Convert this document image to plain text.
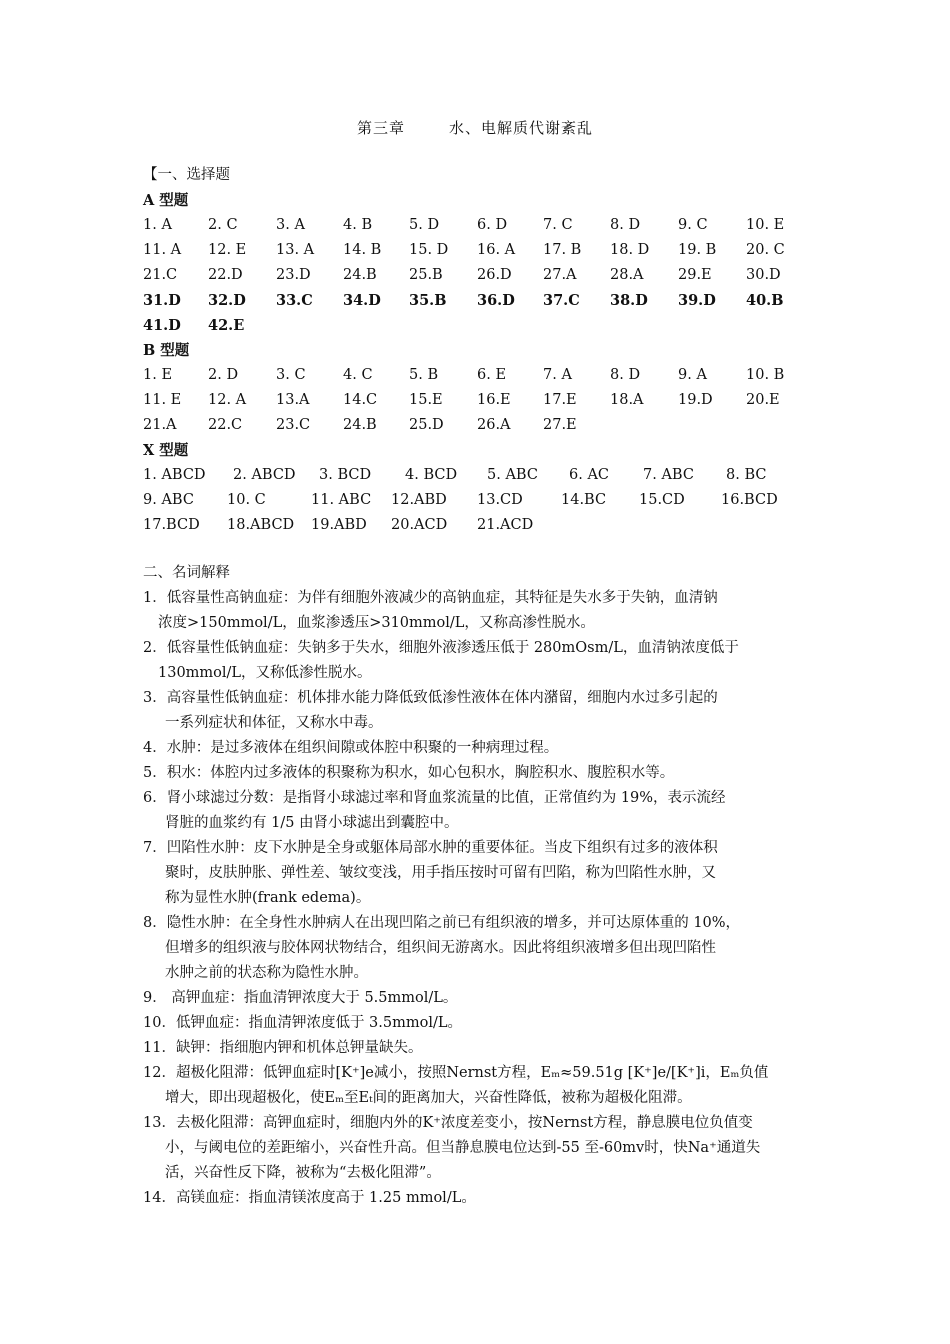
第三章	水、电解质代谢紊乱
【一、选择题
A 型题
1. A 2. C	3. A	4. B	5. D	6. D 7. C	8. D	9. C	10. E
11. A 12. E 13. A 14. B 15. D 16. A 17. B 18. D 19. B 20. C
21.C 22.D 23.D 24.B 25.B 26.D 27.A 28.A 29.E 30.D
31.D 32.D 33.C 34.D 35.B 36.D 37.C 38.D 39.D 40.B
41.D 42.E
B 型题
1. E 2. D	3. C	4. C	5. B	6. E	7. A	8. D	9. A	10. B
11. E 12. A 13.A 14.C 15.E 16.E 17.E 18.A 19.D 20.E
21.A 22.C 23.C 24.B 25.D 26.A 27.E
X 型题
1. ABCD 2. ABCD 3. BCD 4. BCD 5. ABC 6. AC 7. ABC 8. BC
9. ABC 10. C	11. ABC 12.ABD 13.CD	14.BC 15.CD 16.BCD
17.BCD 18.ABCD 19.ABD 20.ACD 21.ACD
二、名词解释
1．低容量性高钠血症：为伴有细胞外液减少的高钠血症，其特征是失水多于失钠，血清钠
浓度>150mmol/L，血浆渗透压>310mmol/L，又称高渗性脱水。
2．低容量性低钠血症：失钠多于失水，细胞外液渗透压低于 280mOsm/L，血清钠浓度低于
130mmol/L，又称低渗性脱水。
3．高容量性低钠血症：机体排水能力降低致低渗性液体在体内潴留，细胞内水过多引起的
一系列症状和体征，又称水中毒。
4．水肿：是过多液体在组织间隙或体腔中积聚的一种病理过程。
5．积水：体腔内过多液体的积聚称为积水，如心包积水，胸腔积水、腹腔积水等。
6．肾小球滤过分数：是指肾小球滤过率和肾血浆流量的比值，正常值约为 19%，表示流经
肾脏的血浆约有 1/5 由肾小球滤出到囊腔中。
7．凹陷性水肿：皮下水肿是全身或躯体局部水肿的重要体征。当皮下组织有过多的液体积
聚时，皮肤肿胀、弹性差、皱纹变浅，用手指压按时可留有凹陷，称为凹陷性水肿，又
称为显性水肿(frank edema)。
8．隐性水肿：在全身性水肿病人在出现凹陷之前已有组织液的增多，并可达原体重的 10%，
但增多的组织液与胶体网状物结合，组织间无游离水。因此将组织液增多但出现凹陷性
水肿之前的状态称为隐性水肿。
9． 高钾血症：指血清钾浓度大于 5.5mmol/L。
10．低钾血症：指血清钾浓度低于 3.5mmol/L。
11．缺钾：指细胞内钾和机体总钾量缺失。
12．超极化阻滞：低钾血症时[K⁺]e减小，按照Nernst方程，Eₘ≈59.51g [K⁺]e/[K⁺]i，Eₘ负值
增大，即出现超极化，使Eₘ至Eₜ间的距离加大，兴奋性降低，被称为超极化阻滞。
13．去极化阻滞：高钾血症时，细胞内外的K⁺浓度差变小，按Nernst方程，静息膜电位负值变
小，与阈电位的差距缩小，兴奋性升高。但当静息膜电位达到-55 至-60mv时，快Na⁺通道失
活，兴奋性反下降，被称为“去极化阻滞”。
14．高镁血症：指血清镁浓度高于 1.25 mmol/L。
